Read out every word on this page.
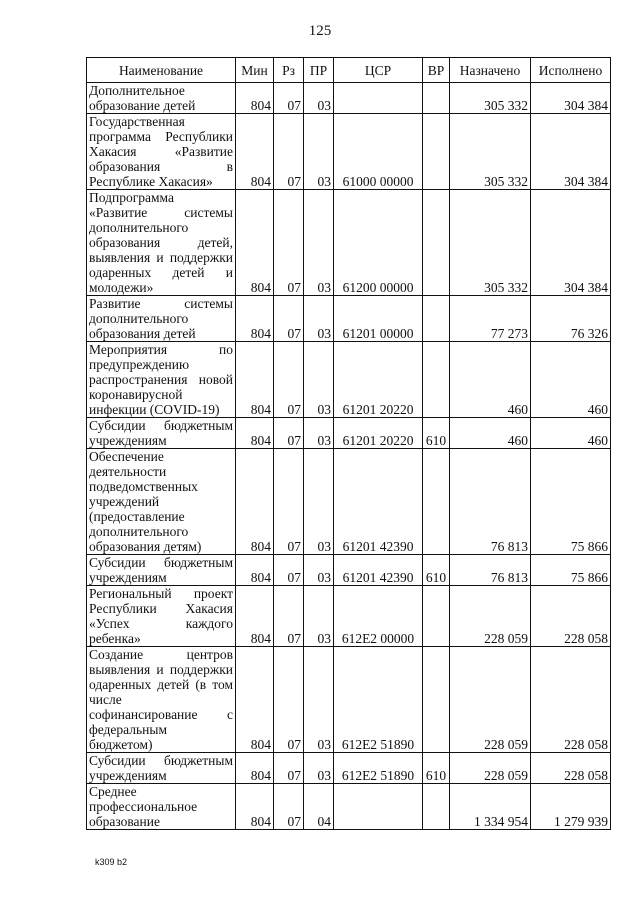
125
Наименование	Мин	Рз	ПР	ЦСР	ВР	Назначено	Исполнено
Дополнительное образование детей	804	07	03			305 332	304 384
Государственная программа Республики Хакасия «Развитие образования в Республике Хакасия»	804	07	03	61000 00000		305 332	304 384
Подпрограмма «Развитие системы дополнительного образования детей, выявления и поддержки одаренных детей и молодежи»	804	07	03	61200 00000		305 332	304 384
Развитие системы дополнительного образования детей	804	07	03	61201 00000		77 273	76 326
Мероприятия по предупреждению распространения новой коронавирусной инфекции (COVID-19)	804	07	03	61201 20220		460	460
Субсидии бюджетным учреждениям	804	07	03	61201 20220	610	460	460
Обеспечение деятельности подведомственных учреждений (предоставление дополнительного образования детям)	804	07	03	61201 42390		76 813	75 866
Субсидии бюджетным учреждениям	804	07	03	61201 42390	610	76 813	75 866
Региональный проект Республики Хакасия «Успех каждого ребенка»	804	07	03	612E2 00000		228 059	228 058
Создание центров выявления и поддержки одаренных детей (в том числе софинансирование с федеральным бюджетом)	804	07	03	612E2 51890		228 059	228 058
Субсидии бюджетным учреждениям	804	07	03	612E2 51890	610	228 059	228 058
Среднее профессиональное образование	804	07	04			1 334 954	1 279 939
k309 b2
